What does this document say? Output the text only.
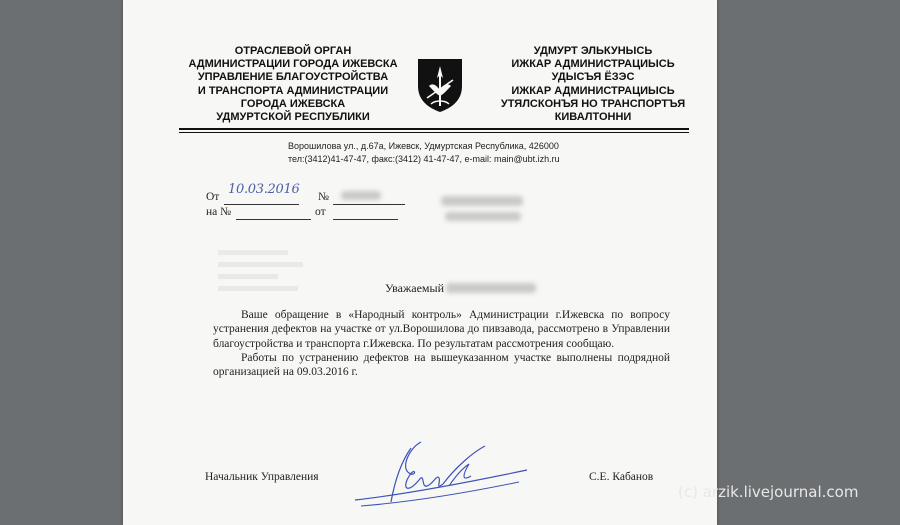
ОТРАСЛЕВОЙ ОРГАН
АДМИНИСТРАЦИИ ГОРОДА ИЖЕВСКА
УПРАВЛЕНИЕ БЛАГОУСТРОЙСТВА
И ТРАНСПОРТА АДМИНИСТРАЦИИ
ГОРОДА ИЖЕВСКА
УДМУРТСКОЙ РЕСПУБЛИКИ
УДМУРТ ЭЛЬКУНЫСЬ
ИЖКАР АДМИНИСТРАЦИЫСЬ
УДЫСЪЯ ЁЗЭС
ИЖКАР АДМИНИСТРАЦИЫСЬ
УТЯЛСКОНЪЯ НО ТРАНСПОРТЪЯ
КИВАЛТОННИ
Ворошилова ул., д.67а, Ижевск, Удмуртская Республика, 426000
тел:(3412)41-47-47, факс:(3412) 41-47-47, e-mail: main@ubt.izh.ru
От 10.03.2016 №
на №	от
Уважаемый

Ваше обращение в «Народный контроль» Администрации г.Ижевска по вопросу устранения дефектов на участке от ул.Ворошилова до пивзавода, рассмотрено в Управлении благоустройства и транспорта г.Ижевска. По результатам рассмотрения сообщаю.

Работы по устранению дефектов на вышеуказанном участке выполнены подрядной организацией на 09.03.2016 г.

Начальник Управления	С.Е. Кабанов
(c) arzik.livejournal.com
